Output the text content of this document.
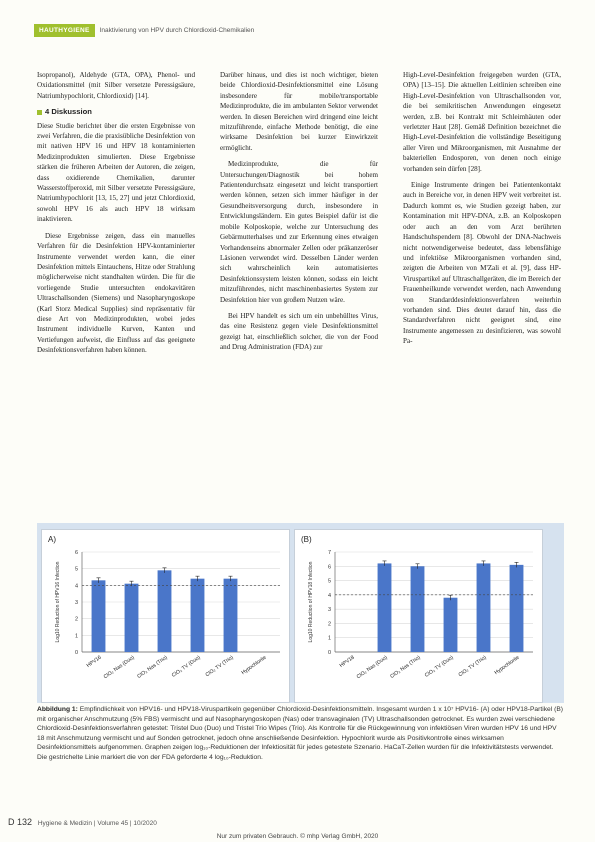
HAUTHYGIENE	Inaktivierung von HPV durch Chlordioxid-Chemikalien

Isopropanol), Aldehyde (GTA, OPA), Phenol- und Oxidationsmittel (mit Silber versetzte Peressigsäure, Natriumhypochlorit, Chlordioxid) [14].

4 Diskussion

Diese Studie berichtet über die ersten Ergebnisse von zwei Verfahren, die die praxisübliche Desinfektion von mit nativen HPV 16 und HPV 18 kontaminierten Medizinprodukten simulierten. Diese Ergebnisse stärken die früheren Arbeiten der Autoren, die zeigen, dass oxidierende Chemikalien, darunter Wasserstoffperoxid, mit Silber versetzte Peressigsäure, Natriumhypochlorit [13, 15, 27] und jetzt Chlordioxid, sowohl HPV 16 als auch HPV 18 wirksam inaktivieren.

Diese Ergebnisse zeigen, dass ein manuelles Verfahren für die Desinfektion HPV-kontaminierter Instrumente verwendet werden kann, die einer Desinfektion mittels Eintauchens, Hitze oder Strahlung möglicherweise nicht standhalten würden. Die für die vorliegende Studie untersuchten endokavitären Ultraschallsonden (Siemens) und Nasopharyngoskope (Karl Storz Medical Supplies) sind repräsentativ für diese Art von Medizinprodukten, wobei jedes Instrument individuelle Kurven, Kanten und Vertiefungen aufweist, die Einfluss auf das geeignete Desinfektionsverfahren haben können.

Darüber hinaus, und dies ist noch wichtiger, bieten beide Chlordioxid-Desinfektionsmittel eine Lösung insbesondere für mobile/transportable Medizinprodukte, die im ambulanten Sektor verwendet werden. In diesen Bereichen wird dringend eine leicht mitzuführende, einfache Methode benötigt, die eine wirksame Desinfektion bei kurzer Einwirkzeit ermöglicht.

Medizinprodukte, die für Untersuchungen/Diagnostik bei hohem Patientendurchsatz eingesetzt und leicht transportiert werden können, setzen sich immer häufiger in der Gesundheitsversorgung durch, insbesondere in Entwicklungsländern. Ein gutes Beispiel dafür ist die mobile Kolposkopie, welche zur Untersuchung des Gebärmutterhalses und zur Erkennung eines etwaigen Vorhandenseins abnormaler Zellen oder präkanzeröser Läsionen verwendet wird. Desselben Länder werden sich wahrscheinlich kein automatisiertes Desinfektionssystem leisten können, sodass ein leicht mitzuführendes, nicht maschinenbasiertes System zur Desinfektion hier von großem Nutzen wäre.

Bei HPV handelt es sich um ein unbehülltes Virus, das eine Resistenz gegen viele Desinfektionsmittel gezeigt hat, einschließlich solcher, die von der Food and Drug Administration (FDA) zur

High-Level-Desinfektion freigegeben wurden (GTA, OPA) [13–15]. Die aktuellen Leitlinien schreiben eine High-Level-Desinfektion von Ultraschallsonden vor, die bei semikritischen Anwendungen eingesetzt werden, z.B. bei Kontrakt mit Schleimhäuten oder verletzter Haut [28]. Gemäß Definition bezeichnet die High-Level-Desinfektion die vollständige Beseitigung aller Viren und Mikroorganismen, mit Ausnahme der bakteriellen Endosporen, von denen noch einige vorhanden sein dürfen [28].

Einige Instrumente dringen bei Patientenkontakt auch in Bereiche vor, in denen HPV weit verbreitet ist. Dadurch kommt es, wie Studien gezeigt haben, zur Kontamination mit HPV-DNA, z.B. an Kolposkopen oder auch an den vom Arzt berührten Handschuhspendern [8]. Obwohl der DNA-Nachweis nicht notwendigerweise bedeutet, dass lebensfähige und infektiöse Mikroorganismen vorhanden sind, zeigten die Arbeiten von M'Zali et al. [9], dass HP-Viruspartikel auf Ultraschallgeräten, die im Bereich der Frauenheilkunde verwendet werden, nach Anwendung von Standarddesinfektionsverfahren weiterhin vorhanden sind. Dies deutet darauf hin, dass die Standardverfahren nicht geeignet sind, eine Instrumente angemessen zu desinfizieren, was sowohl Pa-

A)
Log10 Reduction of HPV16 Infection
0
1
2
3
4
5
6
HPV16 ClO₂ Nas (Duo) ClO₂ Nas (Trio) ClO₂ TV (Duo) ClO₂ TV (Trio) Hypochlorite
(B)
Log10 Reduction of HPV18 Infection
0
1
2
3
4
5
6
7
HPV18 ClO₂ Nas (Duo) ClO₂ Nas (Trio) ClO₂ TV (Duo) ClO₂ TV (Trio) Hypochlorite
Abbildung 1: Empfindlichkeit von HPV16- und HPV18-Viruspartikeln gegenüber Chlordioxid-Desinfektionsmitteln. Insgesamt wurden 1 x 10⁷ HPV16- (A) oder HPV18-Partikel (B) mit organischer Anschmutzung (5% FBS) vermischt und auf Nasopharyngoskopen (Nas) oder transvaginalen (TV) Ultraschallsonden getrocknet. Es wurden zwei verschiedene Chlordioxid-Desinfektionsverfahren getestet: Tristel Duo (Duo) und Tristel Trio Wipes (Trio). Als Kontrolle für die Rückgewinnung von infektiösen Viren wurden HPV 16 und HPV 18 mit Anschmutzung vermischt und auf Sonden getrocknet, jedoch ohne anschließende Desinfektion. Hypochlorit wurde als Positivkontrolle eines wirksamen Desinfektionsmittels aufgenommen. Graphen zeigen log₁₀-Reduktionen der Infektiosität für jedes getestete Szenario. HaCaT-Zellen wurden für die Infektivitätstests verwendet. Die gestrichelte Linie markiert die von der FDA geforderte 4 log₁₀-Reduktion.
D 132 Hygiene & Medizin | Volume 45 | 10/2020
Nur zum privaten Gebrauch. © mhp Verlag GmbH, 2020
